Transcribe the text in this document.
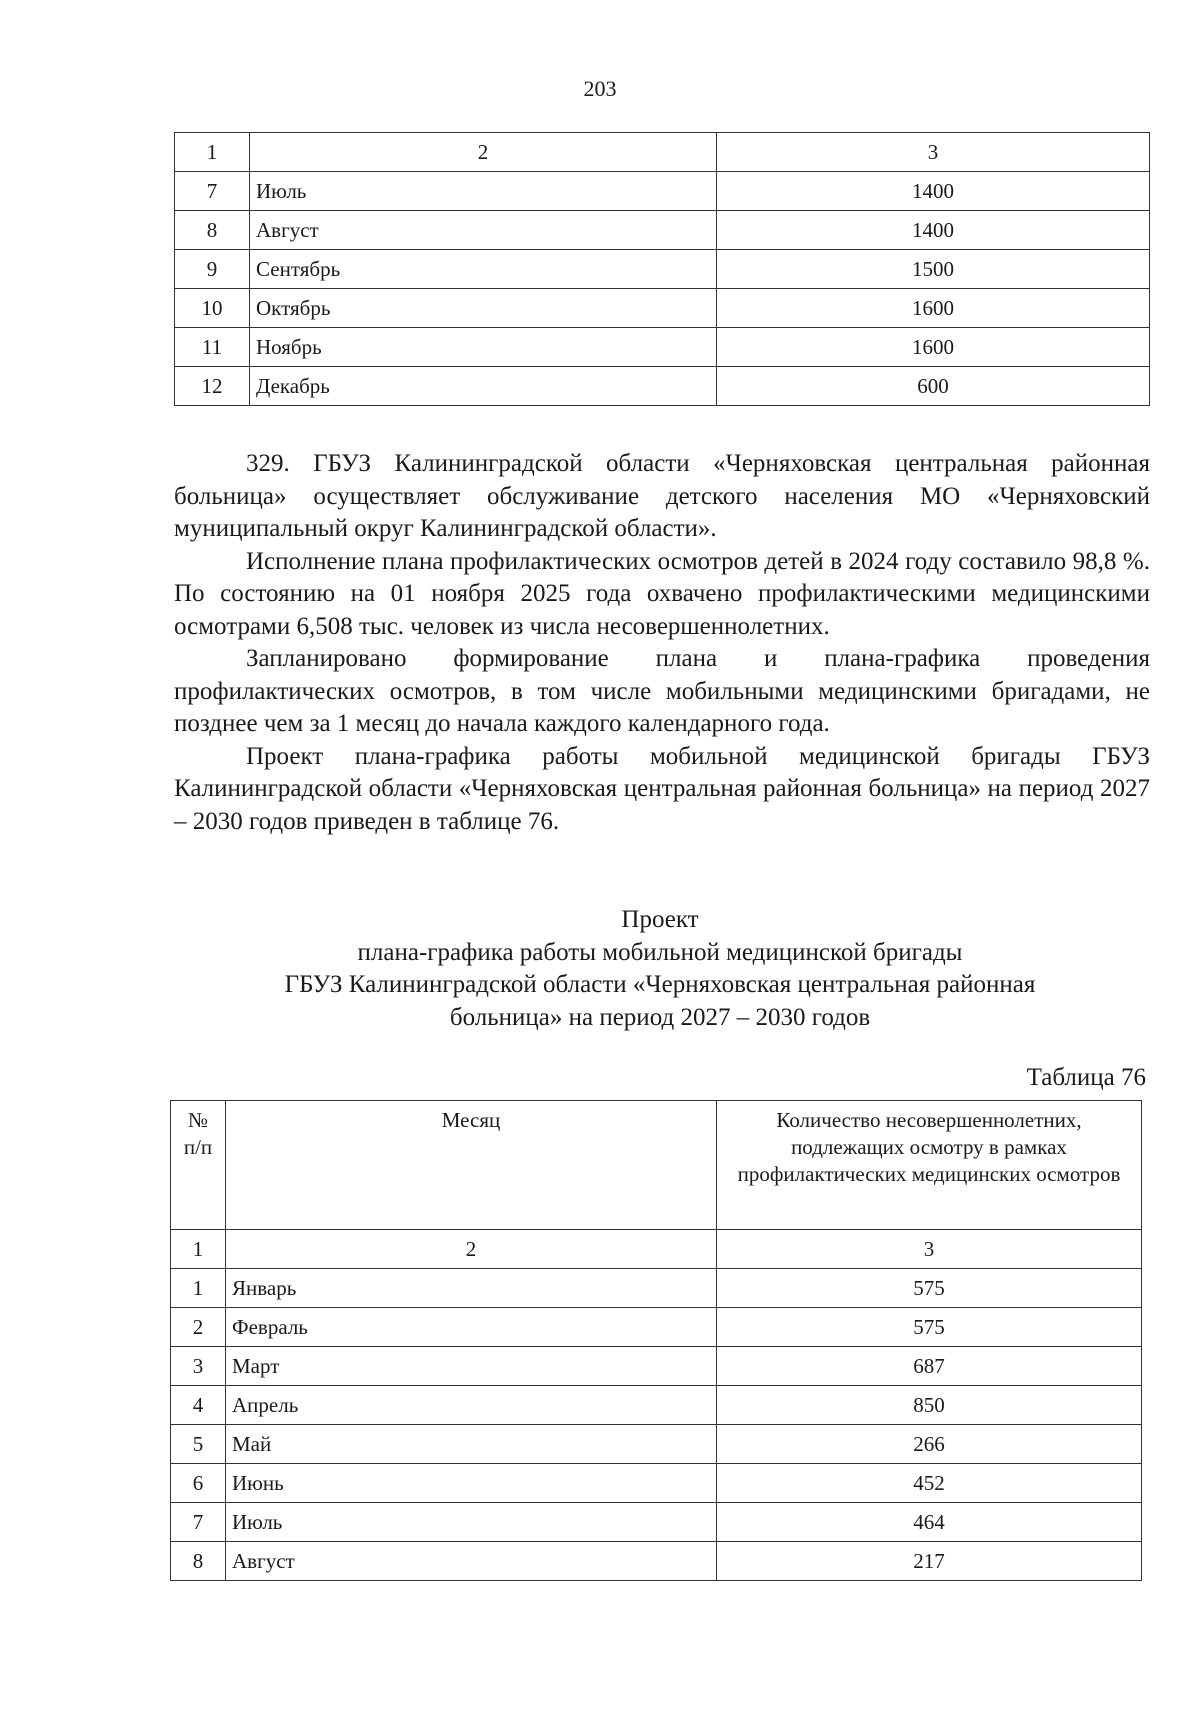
203
1	2	3
7	Июль	1400
8	Август	1400
9	Сентябрь	1500
10	Октябрь	1600
11	Ноябрь	1600
12	Декабрь	600

329. ГБУЗ Калининградской области «Черняховская центральная районная больница» осуществляет обслуживание детского населения МО «Черняховский муниципальный округ Калининградской области».

Исполнение плана профилактических осмотров детей в 2024 году составило 98,8 %. По состоянию на 01 ноября 2025 года охвачено профилактическими медицинскими осмотрами 6,508 тыс. человек из числа несовершеннолетних.

Запланировано формирование плана и плана-графика проведения профилактических осмотров, в том числе мобильными медицинскими бригадами, не позднее чем за 1 месяц до начала каждого календарного года.

Проект плана-графика работы мобильной медицинской бригады ГБУЗ Калининградской области «Черняховская центральная районная больница» на период 2027 – 2030 годов приведен в таблице 76.

Проект
плана-графика работы мобильной медицинской бригады
ГБУЗ Калининградской области «Черняховская центральная районная
больница» на период 2027 – 2030 годов
Таблица 76
№ п/п	Месяц	Количество несовершеннолетних, подлежащих осмотру в рамках профилактических медицинских осмотров
1	2	3
1	Январь	575
2	Февраль	575
3	Март	687
4	Апрель	850
5	Май	266
6	Июнь	452
7	Июль	464
8	Август	217
